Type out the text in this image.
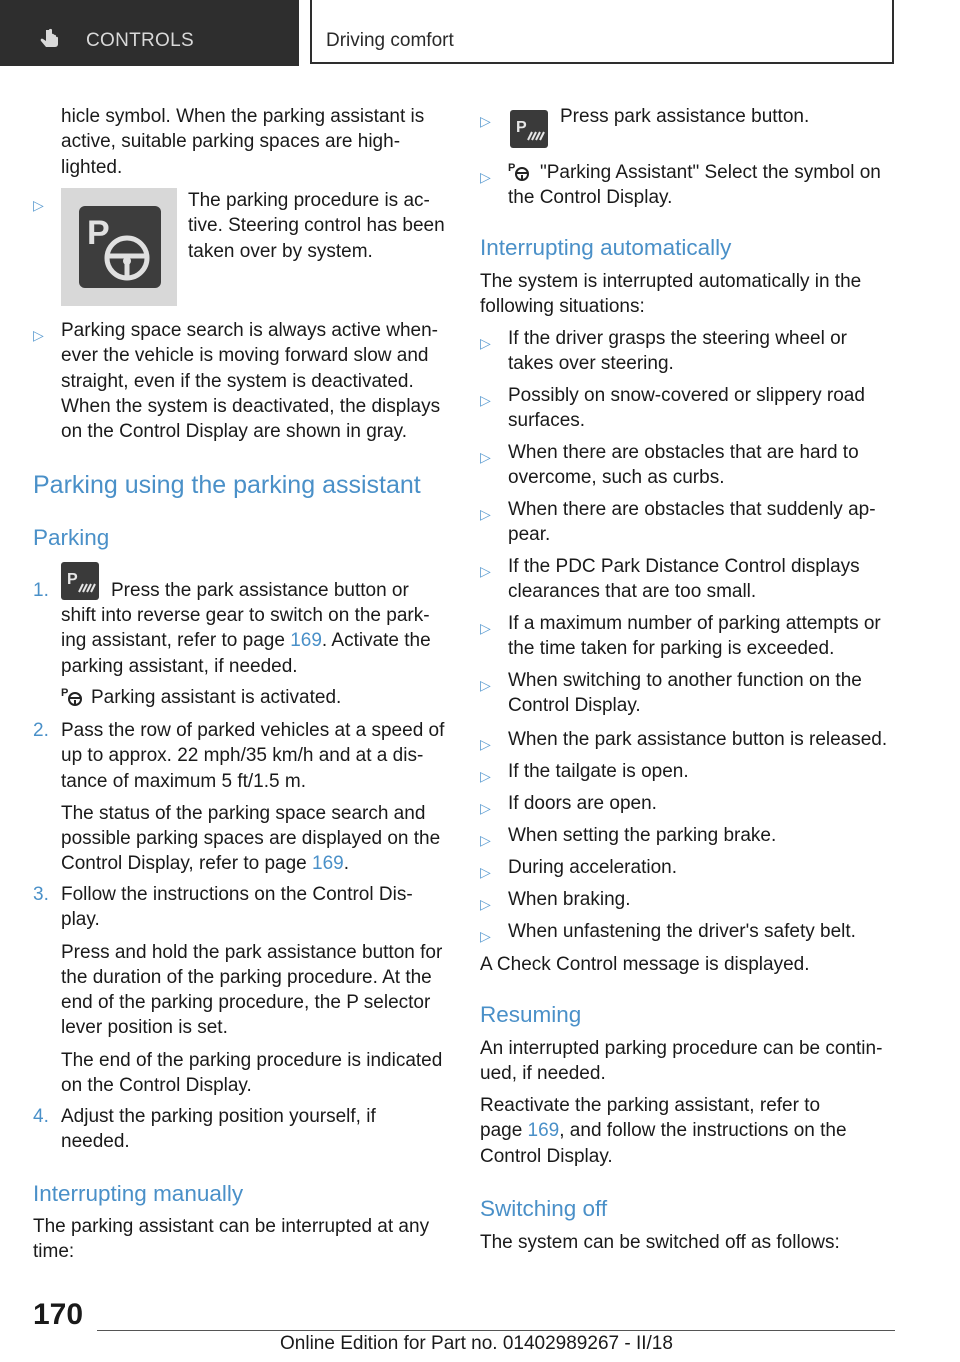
CONTROLS	Driving comfort
hicle symbol. When the parking assistant is
active, suitable parking spaces are high-
lighted.
▷
P
The parking procedure is ac-
tive. Steering control has been
taken over by system.
▷ Parking space search is always active when-
ever the vehicle is moving forward slow and
straight, even if the system is deactivated.
When the system is deactivated, the displays
on the Control Display are shown in gray.
Parking using the parking assistant
Parking
1.
P
Press the park assistance button or
shift into reverse gear to switch on the park-
ing assistant, refer to page 169. Activate the
parking assistant, if needed.
P Parking assistant is activated.
2. Pass the row of parked vehicles at a speed of
up to approx. 22 mph/35 km/h and at a dis-
tance of maximum 5 ft/1.5 m.
The status of the parking space search and
possible parking spaces are displayed on the
Control Display, refer to page 169.
3. Follow the instructions on the Control Dis-
play.
Press and hold the park assistance button for
the duration of the parking procedure. At the
end of the parking procedure, the P selector
lever position is set.
The end of the parking procedure is indicated
on the Control Display.
4. Adjust the parking position yourself, if
needed.
Interrupting manually
The parking assistant can be interrupted at any
time:
▷ P
Press park assistance button.
▷
P "Parking Assistant" Select the symbol on
the Control Display.
Interrupting automatically
The system is interrupted automatically in the
following situations:
▷ If the driver grasps the steering wheel or
takes over steering.
▷ Possibly on snow-covered or slippery road
surfaces.
▷ When there are obstacles that are hard to
overcome, such as curbs.
▷ When there are obstacles that suddenly ap-
pear.
▷ If the PDC Park Distance Control displays
clearances that are too small.
▷ If a maximum number of parking attempts or
the time taken for parking is exceeded.
▷ When switching to another function on the
Control Display.
▷ When the park assistance button is released.
▷ If the tailgate is open.
▷ If doors are open.
▷ When setting the parking brake.
▷ During acceleration.
▷ When braking.
▷ When unfastening the driver's safety belt.
A Check Control message is displayed.
Resuming
An interrupted parking procedure can be contin-
ued, if needed.
Reactivate the parking assistant, refer to
page 169, and follow the instructions on the
Control Display.
Switching off
The system can be switched off as follows:
170
Online Edition for Part no. 01402989267 - II/18
